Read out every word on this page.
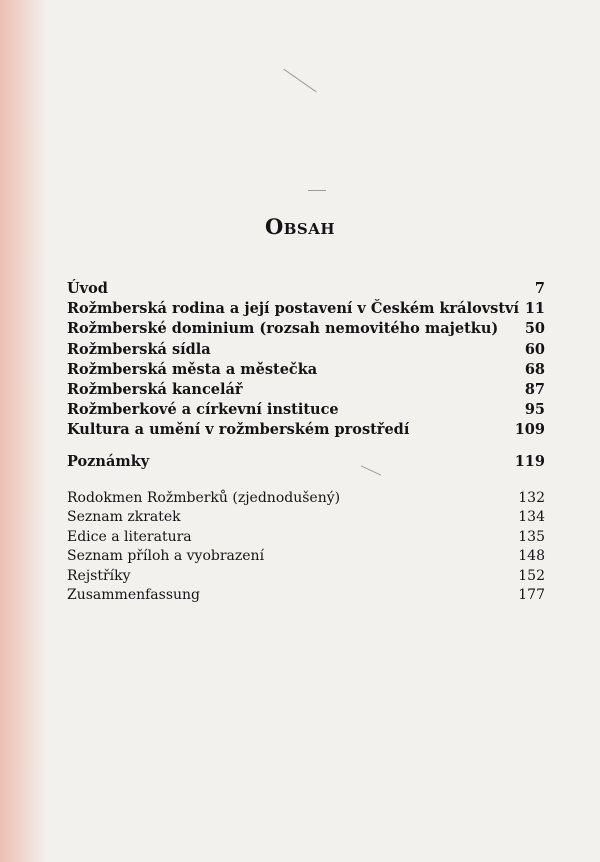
Obsah
Úvod	7
Rožmberská rodina a její postavení v Českém království 11
Rožmberské dominium (rozsah nemovitého majetku) 50
Rožmberská sídla	60
Rožmberská města a městečka	68
Rožmberská kancelář	87
Rožmberkové a církevní instituce	95
Kultura a umění v rožmberském prostředí	109
Poznámky	119
Rodokmen Rožmberků (zjednodušený)	132
Seznam zkratek	134
Edice a literatura	135
Seznam příloh a vyobrazení	148
Rejstříky	152
Zusammenfassung	177
